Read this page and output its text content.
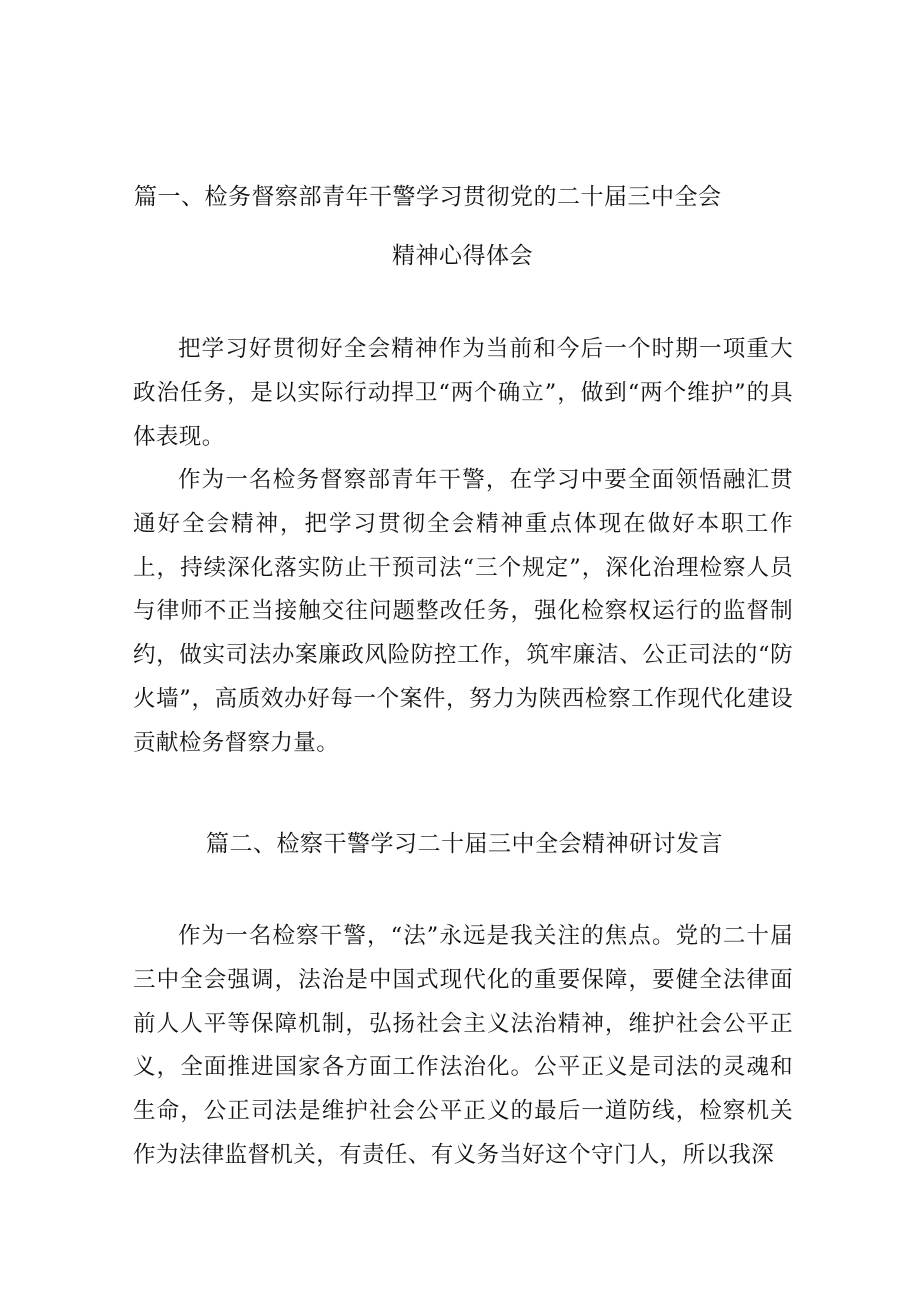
篇一、检务督察部青年干警学习贯彻党的二十届三中全会
精神心得体会

把学习好贯彻好全会精神作为当前和今后一个时期一项重大政治任务，是以实际行动捍卫“两个确立”，做到“两个维护”的具体表现。

作为一名检务督察部青年干警，在学习中要全面领悟融汇贯通好全会精神，把学习贯彻全会精神重点体现在做好本职工作上，持续深化落实防止干预司法“三个规定”，深化治理检察人员与律师不正当接触交往问题整改任务，强化检察权运行的监督制约，做实司法办案廉政风险防控工作，筑牢廉洁、公正司法的“防火墙”，高质效办好每一个案件，努力为陕西检察工作现代化建设贡献检务督察力量。

篇二、检察干警学习二十届三中全会精神研讨发言

作为一名检察干警，“法”永远是我关注的焦点。党的二十届三中全会强调，法治是中国式现代化的重要保障，要健全法律面前人人平等保障机制，弘扬社会主义法治精神，维护社会公平正义，全面推进国家各方面工作法治化。公平正义是司法的灵魂和生命，公正司法是维护社会公平正义的最后一道防线，检察机关作为法律监督机关，有责任、有义务当好这个守门人，所以我深
